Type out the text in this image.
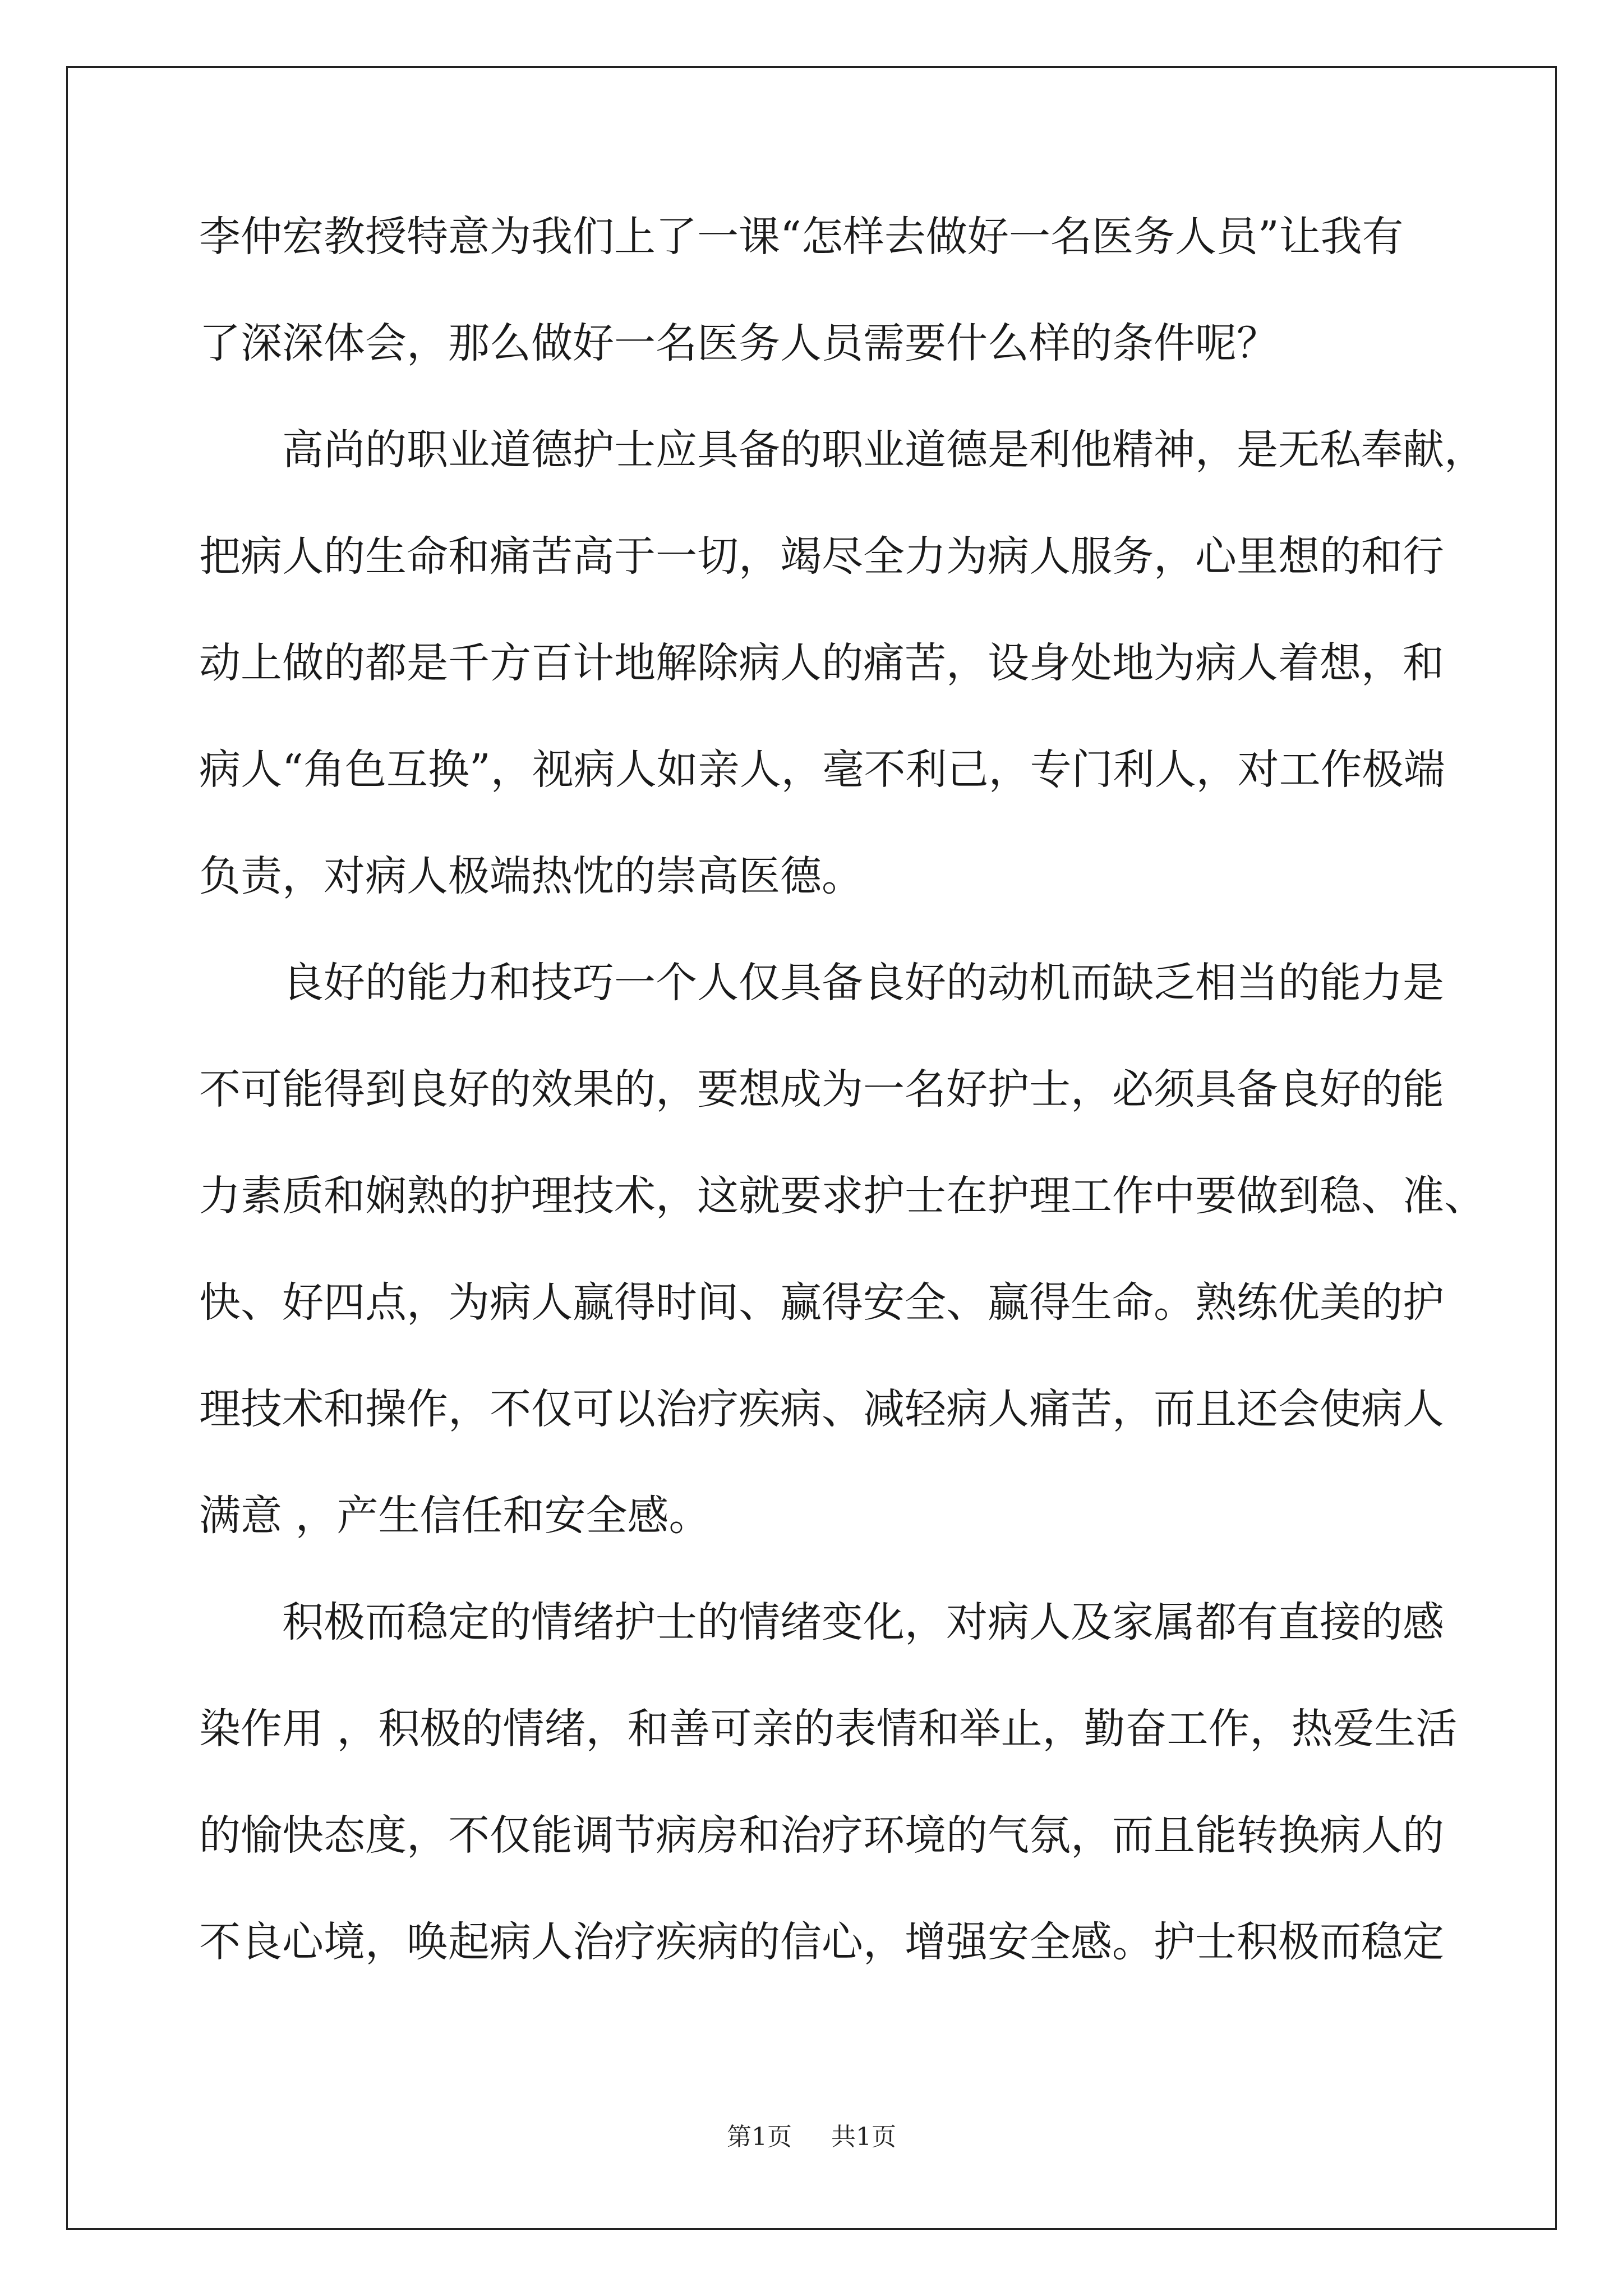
李仲宏教授特意为我们上了一课“怎样去做好一名医务人员”让我有
了深深体会，那么做好一名医务人员需要什么样的条件呢？
　　高尚的职业道德护士应具备的职业道德是利他精神，是无私奉献，
把病人的生命和痛苦高于一切，竭尽全力为病人服务，心里想的和行
动上做的都是千方百计地解除病人的痛苦，设身处地为病人着想，和
病人“角色互换”，视病人如亲人，毫不利己，专门利人，对工作极端
负责，对病人极端热忱的崇高医德。
　　良好的能力和技巧一个人仅具备良好的动机而缺乏相当的能力是
不可能得到良好的效果的，要想成为一名好护士，必须具备良好的能
力素质和娴熟的护理技术，这就要求护士在护理工作中要做到稳、准、
快、好四点，为病人赢得时间、赢得安全、赢得生命。熟练优美的护
理技术和操作，不仅可以治疗疾病、减轻病人痛苦，而且还会使病人
满意 ，产生信任和安全感。
　　积极而稳定的情绪护士的情绪变化，对病人及家属都有直接的感
染作用 ，积极的情绪，和善可亲的表情和举止，勤奋工作，热爱生活
的愉快态度，不仅能调节病房和治疗环境的气氛，而且能转换病人的
不良心境，唤起病人治疗疾病的信心，增强安全感。护士积极而稳定
第1页 共1页
